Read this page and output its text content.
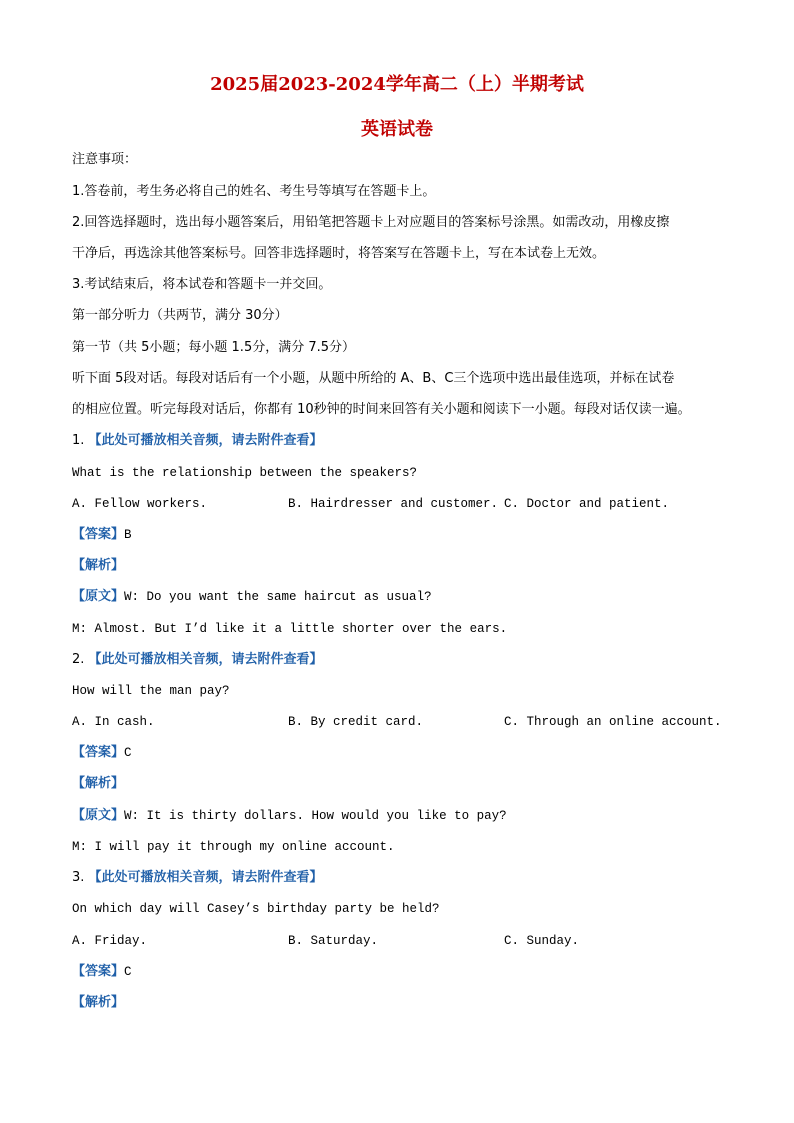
2025届2023-2024学年高二（上）半期考试
英语试卷
注意事项：
1.答卷前，考生务必将自己的姓名、考生号等填写在答题卡上。
2.回答选择题时，选出每小题答案后，用铅笔把答题卡上对应题目的答案标号涂黑。如需改动，用橡皮擦
干净后，再选涂其他答案标号。回答非选择题时，将答案写在答题卡上，写在本试卷上无效。
3.考试结束后，将本试卷和答题卡一并交回。
第一部分听力（共两节，满分 30分）
第一节（共 5小题；每小题 1.5分，满分 7.5分）
听下面 5段对话。每段对话后有一个小题，从题中所给的 A、B、C三个选项中选出最佳选项，并标在试卷
的相应位置。听完每段对话后，你都有 10秒钟的时间来回答有关小题和阅读下一小题。每段对话仅读一遍。
1. 【此处可播放相关音频，请去附件查看】
What is the relationship between the speakers?
A. Fellow workers.	B. Hairdresser and customer. C. Doctor and patient.
【答案】B
【解析】
【原文】W: Do you want the same haircut as usual?
M: Almost. But I’d like it a little shorter over the ears.
2. 【此处可播放相关音频，请去附件查看】
How will the man pay?
A. In cash.	B. By credit card.	C. Through an online account.
【答案】C
【解析】
【原文】W: It is thirty dollars. How would you like to pay?
M: I will pay it through my online account.
3. 【此处可播放相关音频，请去附件查看】
On which day will Casey’s birthday party be held?
A. Friday.	B. Saturday.	C. Sunday.
【答案】C
【解析】
